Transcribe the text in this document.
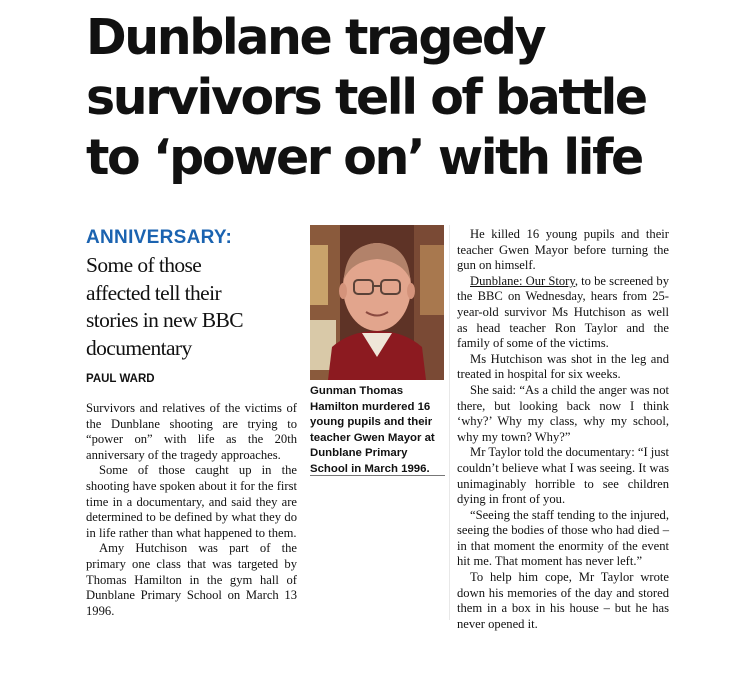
Dunblane tragedy
survivors tell of battle
to ‘power on’ with life
ANNIVERSARY:
Some of those
affected tell their
stories in new BBC
documentary
PAUL WARD

Survivors and relatives of the victims of the Dunblane shooting are trying to “power on” with life as the 20th anniversary of the tragedy approaches.

Some of those caught up in the shooting have spoken about it for the first time in a documentary, and said they are determined to be defined by what they do in life rather than what happened to them.

Amy Hutchison was part of the primary one class that was targeted by Thomas Hamilton in the gym hall of Dunblane Primary School on March 13 1996.

Gunman Thomas Hamilton murdered 16 young pupils and their teacher Gwen Mayor at Dunblane Primary School in March 1996.

He killed 16 young pupils and their teacher Gwen Mayor before turning the gun on himself.

Dunblane: Our Story, to be screened by the BBC on Wednesday, hears from 25-year-old survivor Ms Hutchison as well as head teacher Ron Taylor and the family of some of the victims.

Ms Hutchison was shot in the leg and treated in hospital for six weeks.

She said: “As a child the anger was not there, but looking back now I think ‘why?’ Why my class, why my school, why my town? Why?”

Mr Taylor told the documentary: “I just couldn’t believe what I was seeing. It was unimaginably horrible to see children dying in front of you.

“Seeing the staff tending to the injured, seeing the bodies of those who had died – in that moment the enormity of the event hit me. That moment has never left.”

To help him cope, Mr Taylor wrote down his memories of the day and stored them in a box in his house – but he has never opened it.
